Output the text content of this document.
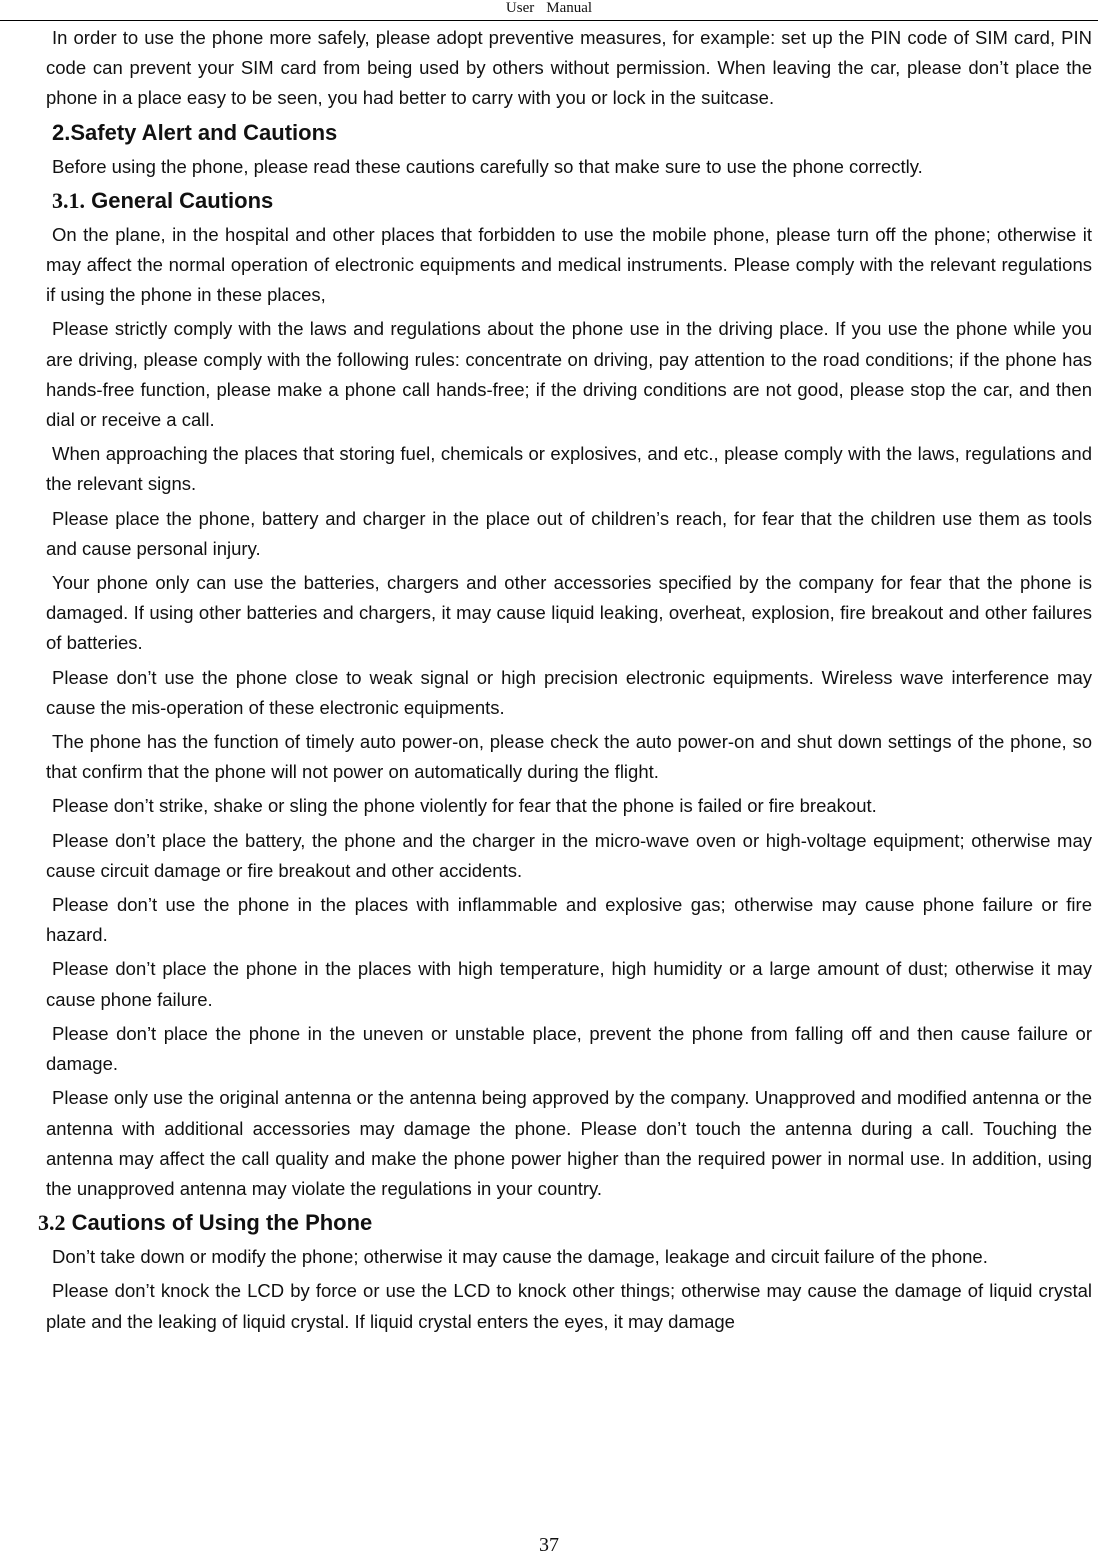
User Manual

In order to use the phone more safely, please adopt preventive measures, for example: set up the PIN code of SIM card, PIN code can prevent your SIM card from being used by others without permission. When leaving the car, please don’t place the phone in a place easy to be seen, you had better to carry with you or lock in the suitcase.

2.Safety Alert and Cautions

Before using the phone, please read these cautions carefully so that make sure to use the phone correctly.

3.1. General Cautions

On the plane, in the hospital and other places that forbidden to use the mobile phone, please turn off the phone; otherwise it may affect the normal operation of electronic equipments and medical instruments. Please comply with the relevant regulations if using the phone in these places,

Please strictly comply with the laws and regulations about the phone use in the driving place. If you use the phone while you are driving, please comply with the following rules: concentrate on driving, pay attention to the road conditions; if the phone has hands-free function, please make a phone call hands-free; if the driving conditions are not good, please stop the car, and then dial or receive a call.

When approaching the places that storing fuel, chemicals or explosives, and etc., please comply with the laws, regulations and the relevant signs.

Please place the phone, battery and charger in the place out of children’s reach, for fear that the children use them as tools and cause personal injury.

Your phone only can use the batteries, chargers and other accessories specified by the company for fear that the phone is damaged. If using other batteries and chargers, it may cause liquid leaking, overheat, explosion, fire breakout and other failures of batteries.

Please don’t use the phone close to weak signal or high precision electronic equipments. Wireless wave interference may cause the mis-operation of these electronic equipments.

The phone has the function of timely auto power-on, please check the auto power-on and shut down settings of the phone, so that confirm that the phone will not power on automatically during the flight.

Please don’t strike, shake or sling the phone violently for fear that the phone is failed or fire breakout.

Please don’t place the battery, the phone and the charger in the micro-wave oven or high-voltage equipment; otherwise may cause circuit damage or fire breakout and other accidents.

Please don’t use the phone in the places with inflammable and explosive gas; otherwise may cause phone failure or fire hazard.

Please don’t place the phone in the places with high temperature, high humidity or a large amount of dust; otherwise it may cause phone failure.

Please don’t place the phone in the uneven or unstable place, prevent the phone from falling off and then cause failure or damage.

Please only use the original antenna or the antenna being approved by the company. Unapproved and modified antenna or the antenna with additional accessories may damage the phone. Please don’t touch the antenna during a call. Touching the antenna may affect the call quality and make the phone power higher than the required power in normal use. In addition, using the unapproved antenna may violate the regulations in your country.

3.2 Cautions of Using the Phone

Don’t take down or modify the phone; otherwise it may cause the damage, leakage and circuit failure of the phone.

Please don’t knock the LCD by force or use the LCD to knock other things; otherwise may cause the damage of liquid crystal plate and the leaking of liquid crystal. If liquid crystal enters the eyes, it may damage

37
